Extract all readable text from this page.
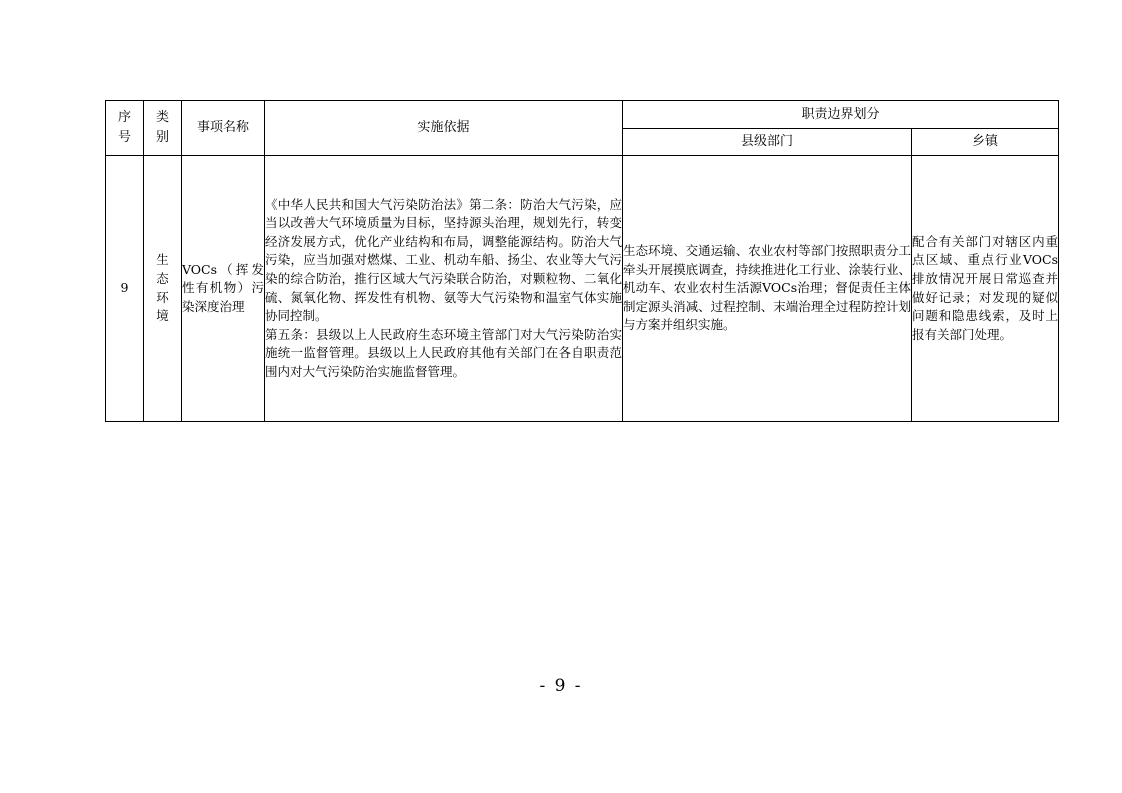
序号	类别	事项名称	实施依据	职责边界划分	
				县级部门	乡镇
9	生态环境	VOCs（挥发性有机物）污染深度治理	《中华人民共和国大气污染防治法》第二条：防治大气污染，应当以改善大气环境质量为目标，坚持源头治理，规划先行，转变经济发展方式，优化产业结构和布局，调整能源结构。防治大气污染，应当加强对燃煤、工业、机动车船、扬尘、农业等大气污染的综合防治，推行区域大气污染联合防治，对颗粒物、二氧化硫、氮氧化物、挥发性有机物、氨等大气污染物和温室气体实施协同控制。

第五条：县级以上人民政府生态环境主管部门对大气污染防治实施统一监督管理。县级以上人民政府其他有关部门在各自职责范围内对大气污染防治实施监督管理。	生态环境、交通运输、农业农村等部门按照职责分工牵头开展摸底调查，持续推进化工行业、涂装行业、机动车、农业农村生活源VOCs治理；督促责任主体制定源头消减、过程控制、末端治理全过程防控计划与方案并组织实施。	配合有关部门对辖区内重点区域、重点行业VOCs排放情况开展日常巡查并做好记录；对发现的疑似问题和隐患线索，及时上报有关部门处理。
- 9 -
